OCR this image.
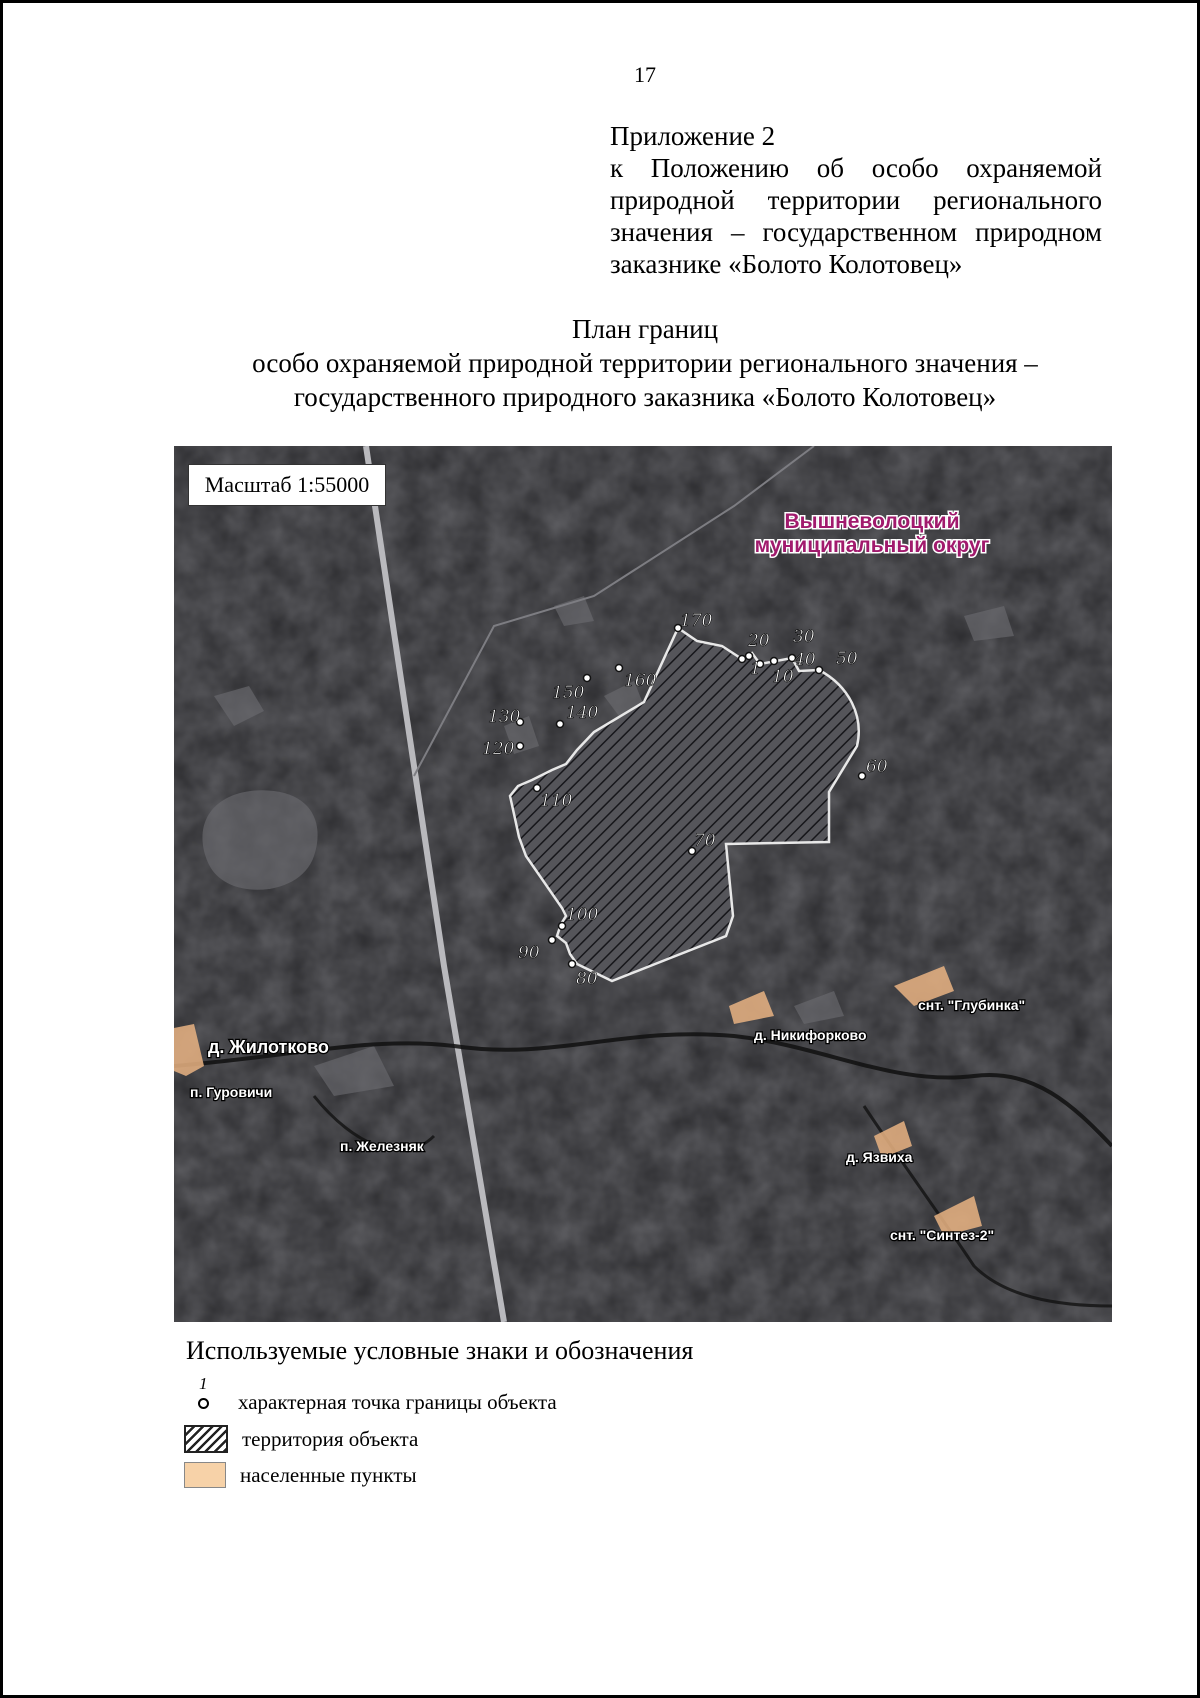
17
Приложение 2
к Положению об особо охраняемой
природной территории регионального
значения – государственном природном
заказнике «Болото Колотовец»
План границ
особо охраняемой природной территории регионального значения –
государственного природного заказника «Болото Колотовец»
170
20 30
1 40
10
50
150
160
130	140
120
60
110
70
100
90
80
д. Жилотково
п. Гуровичи
п. Железняк
д. Никифорково
снт. "Глубинка"
д. Язвиха
снт. "Синтез-2"
Вышневолоцкий
муниципальный округ
Масштаб 1:55000
Используемые условные знаки и обозначения
1
характерная точка границы объекта
территория объекта
населенные пункты
